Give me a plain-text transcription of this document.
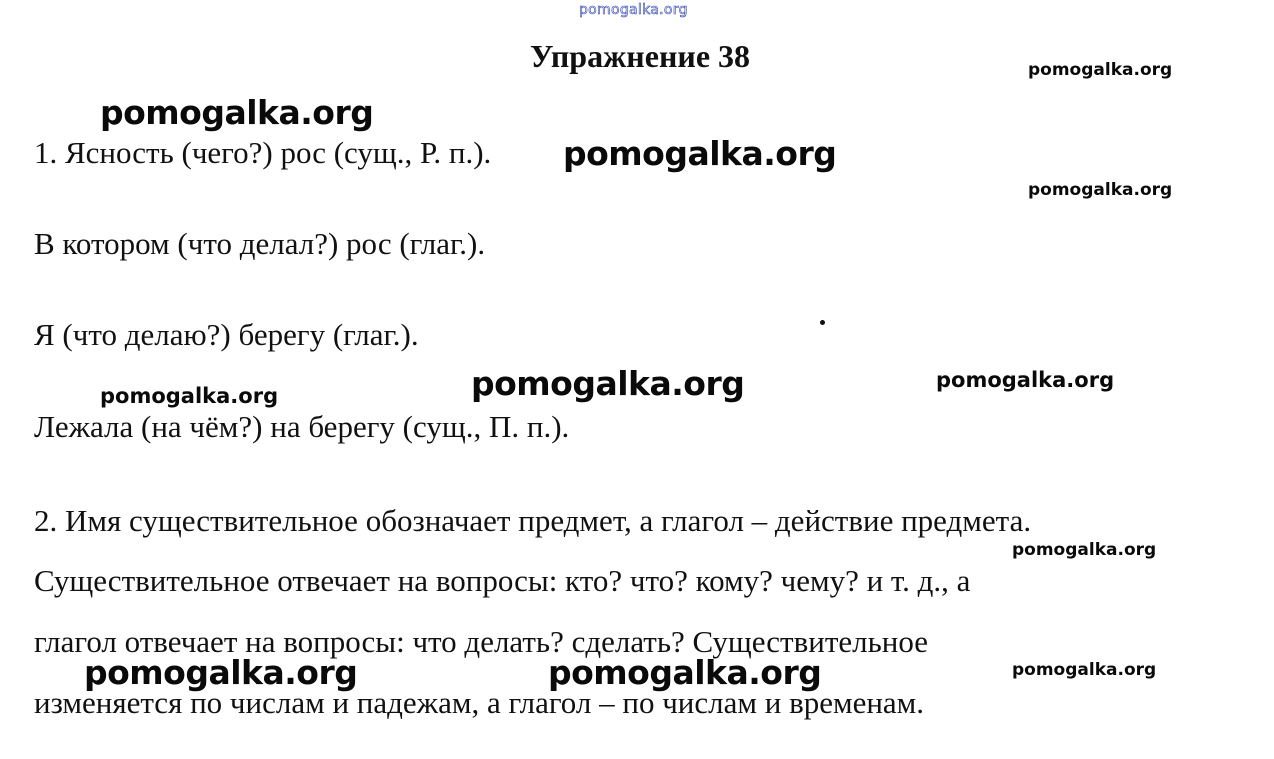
pomogalka.org
Упражнение 38
1. Ясность (чего?) рос (сущ., Р. п.).
В котором (что делал?) рос (глаг.).
Я (что делаю?) берегу (глаг.).
Лежала (на чём?) на берегу (сущ., П. п.).
2. Имя существительное обозначает предмет, а глагол – действие предмета.
Существительное отвечает на вопросы: кто? что? кому? чему? и т. д., а
глагол отвечает на вопросы: что делать? сделать? Существительное
изменяется по числам и падежам, а глагол – по числам и временам.
pomogalka.org
pomogalka.org
pomogalka.org
pomogalka.org
pomogalka.org	pomogalka.org	pomogalka.org
pomogalka.org
pomogalka.org	pomogalka.org	pomogalka.org
